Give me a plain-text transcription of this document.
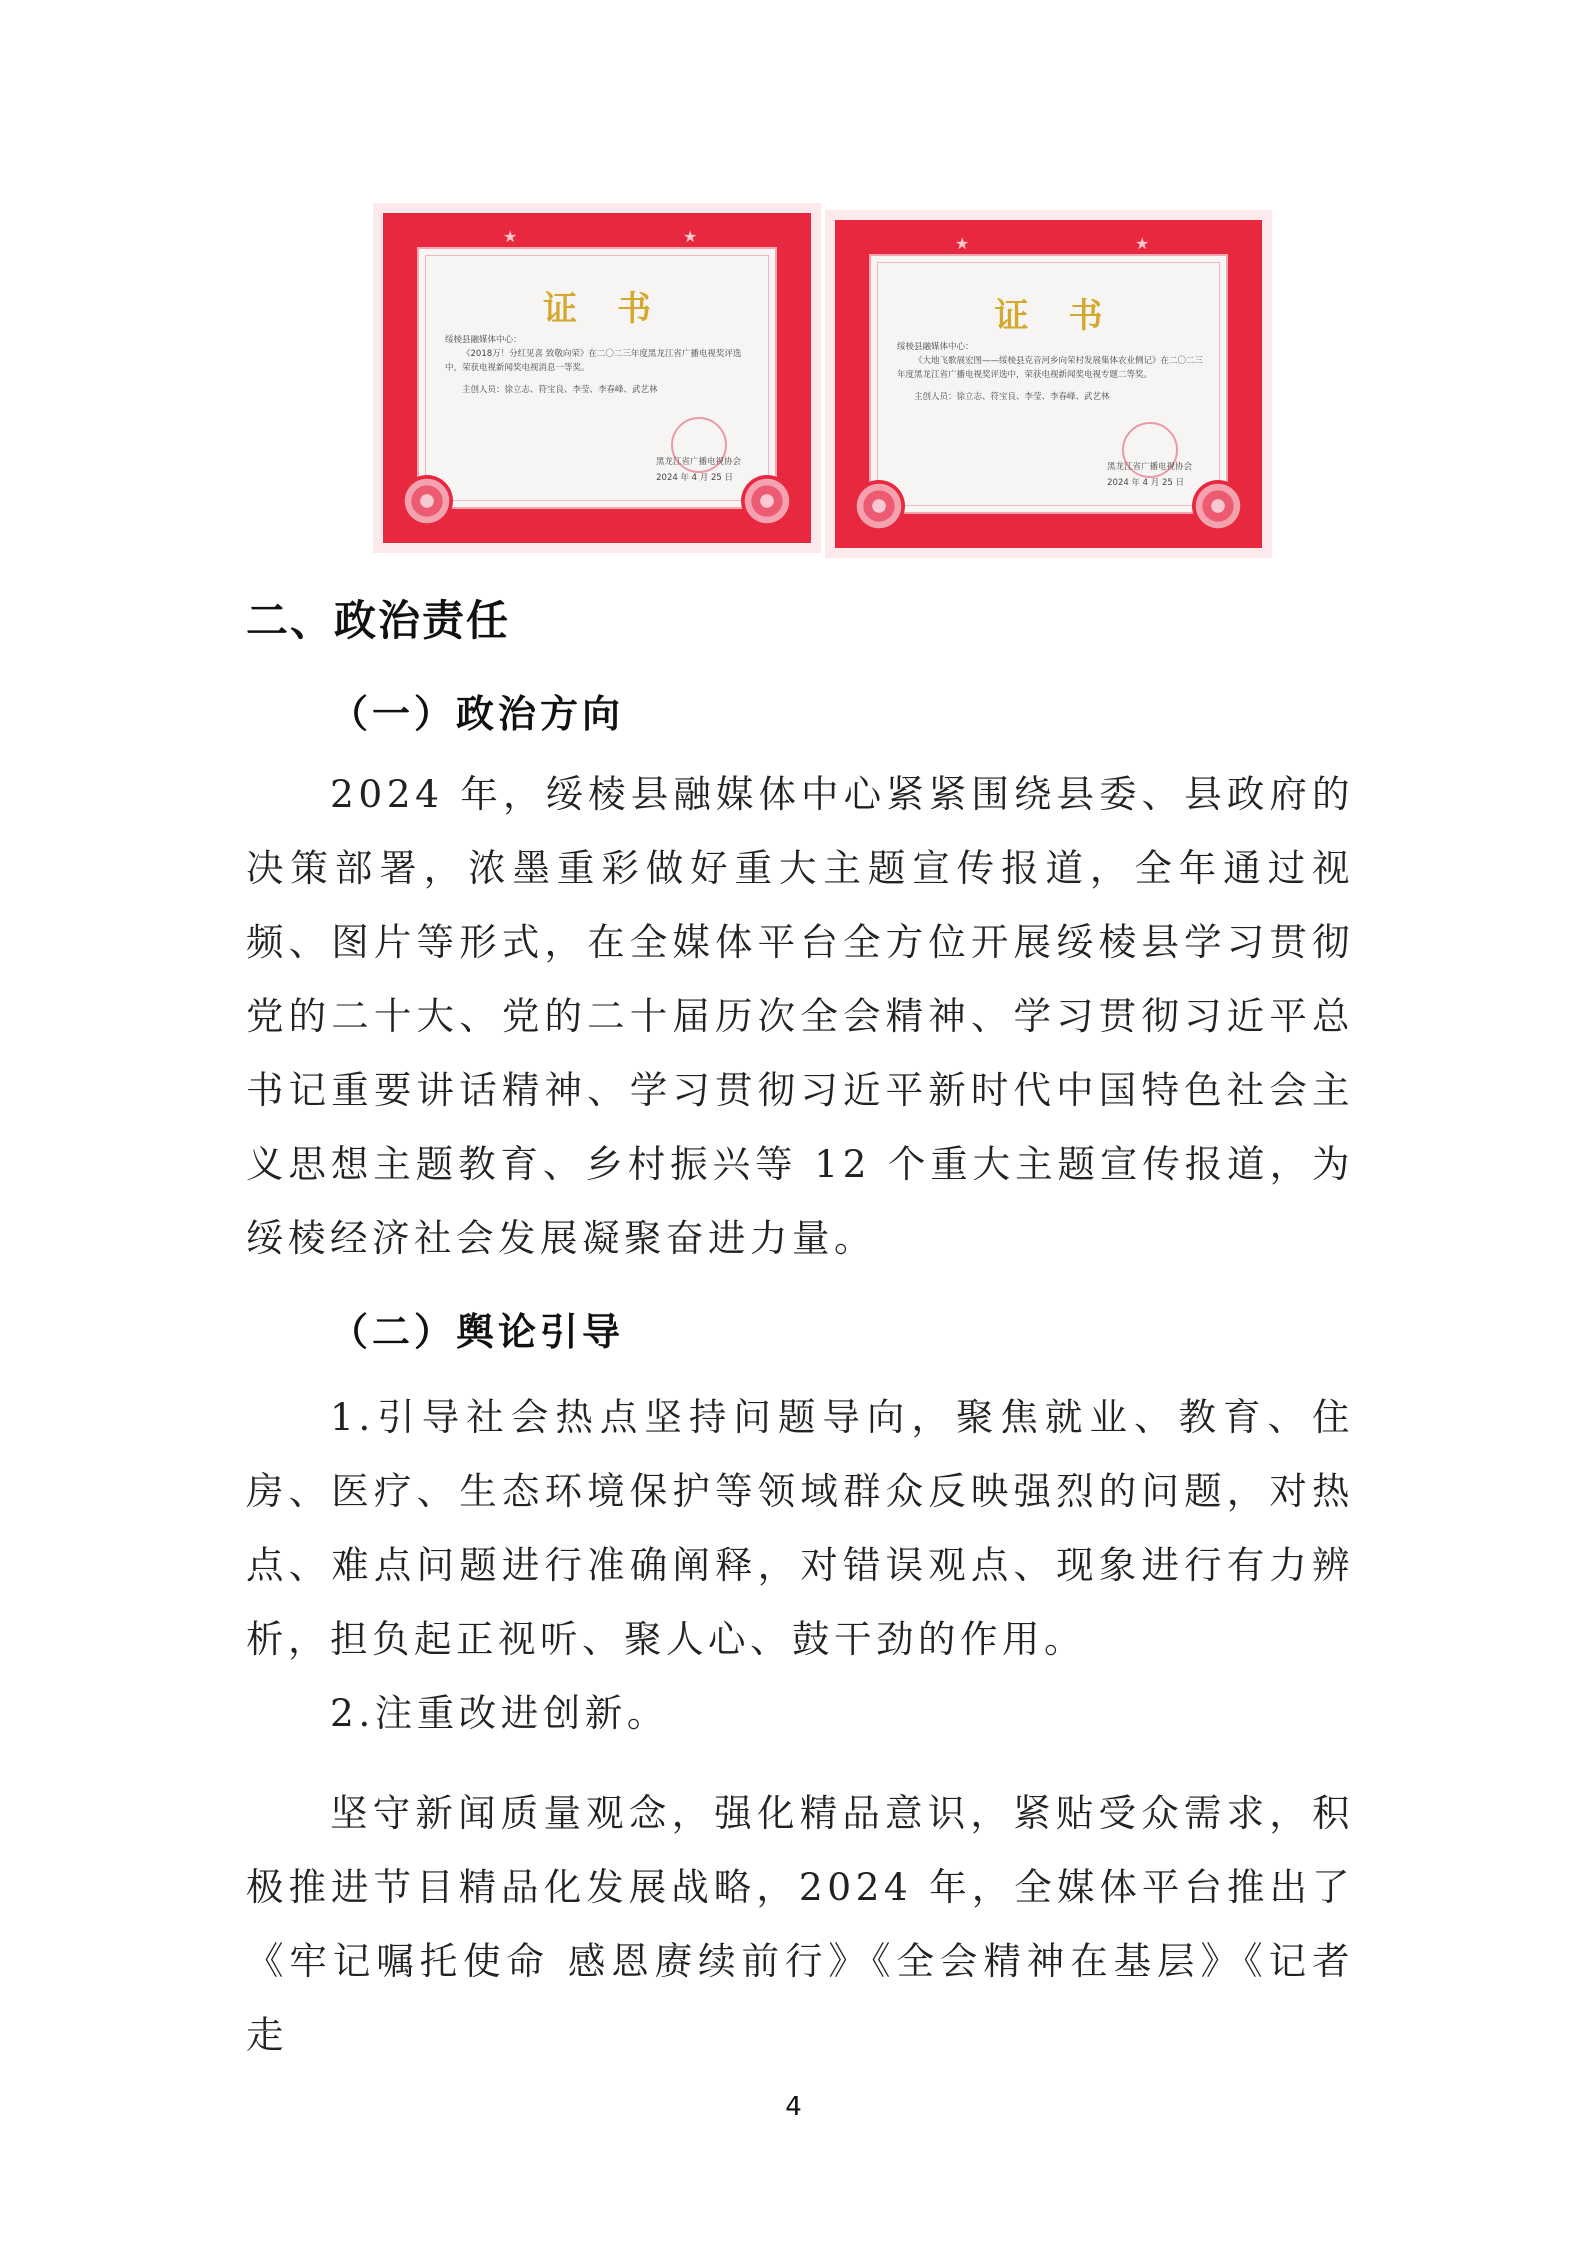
★	★
证书

绥棱县融媒体中心：

《2018万！分红见喜 致敬向荣》在二〇二三年度黑龙江省广播电视奖评选中，荣获电视新闻奖电视消息一等奖。

主创人员：徐立志、符宝良、李莹、李春峰、武艺林

黑龙江省广播电视协会
2024 年 4 月 25 日
★	★
证书

绥棱县融媒体中心：

《大地飞歌展宏图——绥棱县克音河乡向荣村发展集体农业侧记》在二〇二三年度黑龙江省广播电视奖评选中，荣获电视新闻奖电视专题二等奖。

主创人员：徐立志、符宝良、李莹、李春峰、武艺林

黑龙江省广播电视协会
2024 年 4 月 25 日
二、政治责任
（一）政治方向
2024 年，绥棱县融媒体中心紧紧围绕县委、县政府的决策部署，浓墨重彩做好重大主题宣传报道，全年通过视频、图片等形式，在全媒体平台全方位开展绥棱县学习贯彻党的二十大、党的二十届历次全会精神、学习贯彻习近平总书记重要讲话精神、学习贯彻习近平新时代中国特色社会主义思想主题教育、乡村振兴等 12 个重大主题宣传报道，为绥棱经济社会发展凝聚奋进力量。
（二）舆论引导
1.引导社会热点坚持问题导向，聚焦就业、教育、住房、医疗、生态环境保护等领域群众反映强烈的问题，对热点、难点问题进行准确阐释，对错误观点、现象进行有力辨析，担负起正视听、聚人心、鼓干劲的作用。
2.注重改进创新。
坚守新闻质量观念，强化精品意识，紧贴受众需求，积极推进节目精品化发展战略，2024 年，全媒体平台推出了《牢记嘱托使命 感恩赓续前行》《全会精神在基层》《记者走
4
